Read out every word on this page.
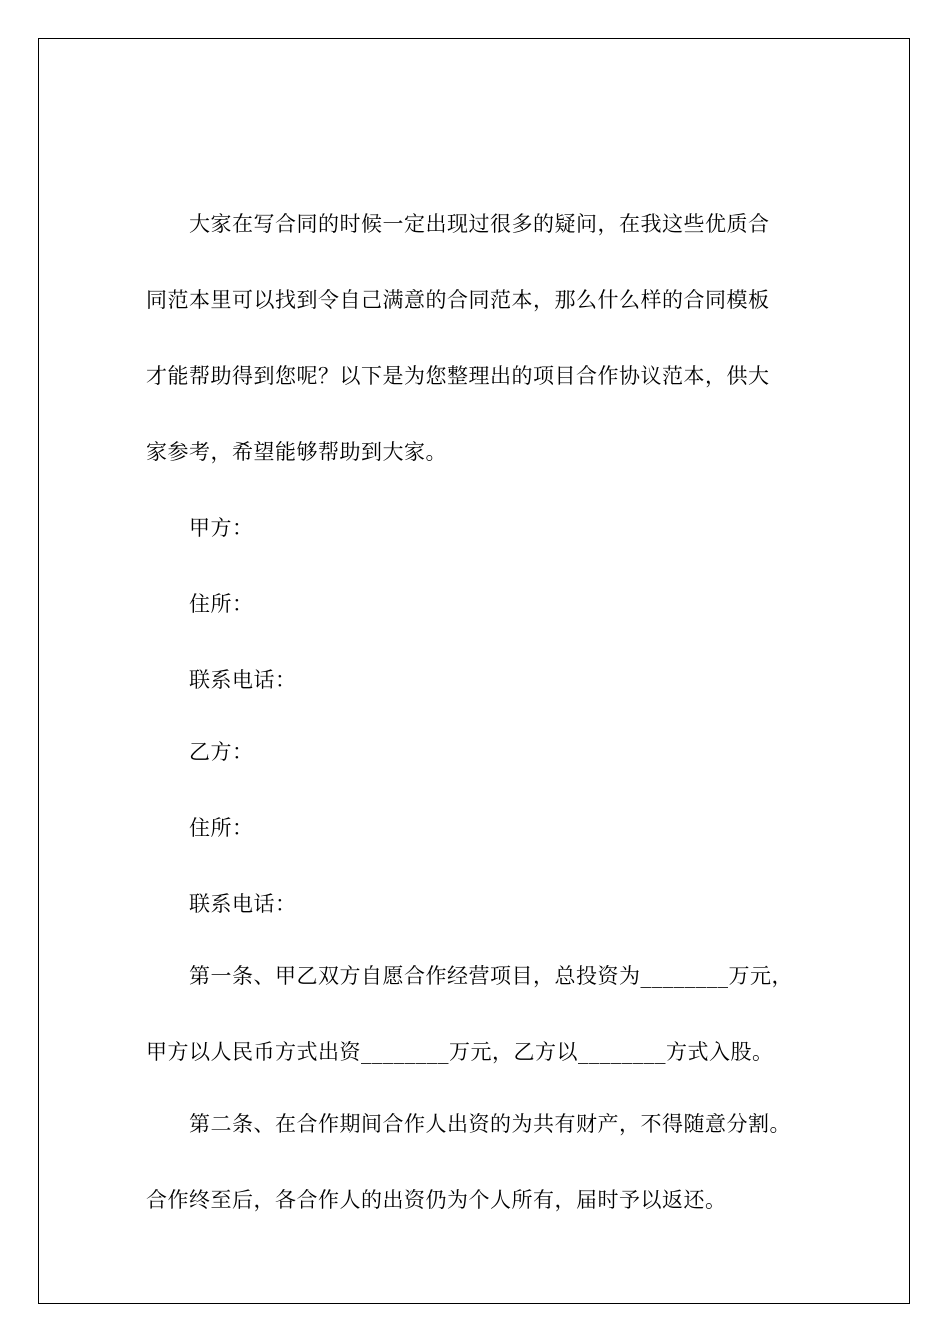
大家在写合同的时候一定出现过很多的疑问，在我这些优质合
同范本里可以找到令自己满意的合同范本，那么什么样的合同模板
才能帮助得到您呢？以下是为您整理出的项目合作协议范本，供大
家参考，希望能够帮助到大家。
甲方：
住所：
联系电话：
乙方：
住所：
联系电话：
第一条、甲乙双方自愿合作经营项目，总投资为________万元，
甲方以人民币方式出资________万元，乙方以________方式入股。
第二条、在合作期间合作人出资的为共有财产，不得随意分割。
合作终至后，各合作人的出资仍为个人所有，届时予以返还。
